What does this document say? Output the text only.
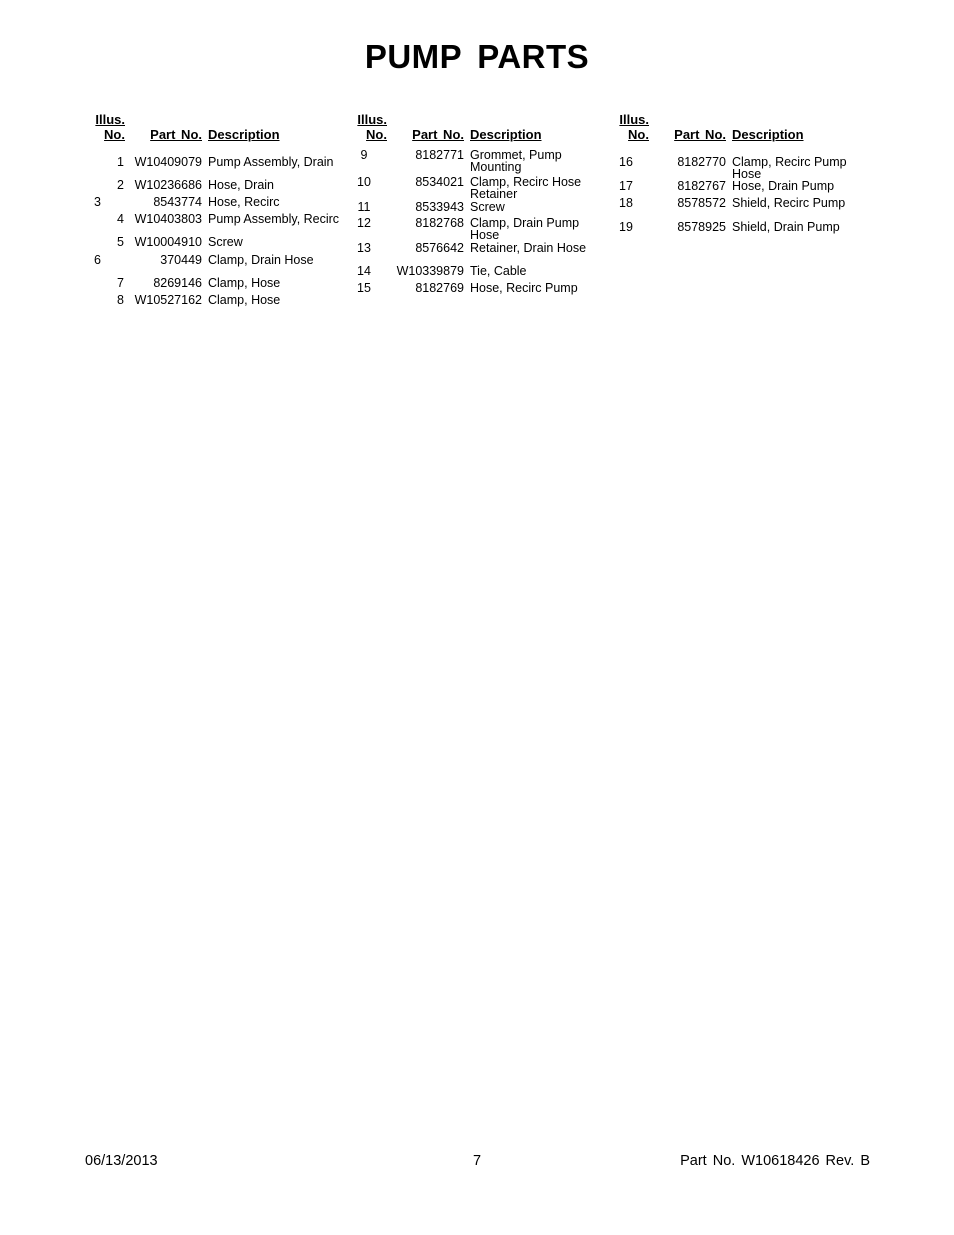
PUMP PARTS
Illus.
No.	Part No. Description
1 W10409079 Pump Assembly, Drain
2 W10236686 Hose, Drain
3	8543774 Hose, Recirc
4 W10403803 Pump Assembly, Recirc
5 W10004910 Screw
6	370449 Clamp, Drain Hose
7	8269146 Clamp, Hose
8 W10527162 Clamp, Hose
Illus.
No.	Part No. Description
9	8182771 Grommet, Pump
Mounting
10	8534021 Clamp, Recirc Hose
Retainer
11	8533943 Screw
12	8182768 Clamp, Drain Pump
Hose
13	8576642 Retainer, Drain Hose
14	W10339879 Tie, Cable
15	8182769 Hose, Recirc Pump
Illus.
No.	Part No. Description
16	8182770 Clamp, Recirc Pump
Hose
17	8182767 Hose, Drain Pump
18	8578572 Shield, Recirc Pump
19	8578925 Shield, Drain Pump
06/13/2013	7	Part No. W10618426 Rev. B
